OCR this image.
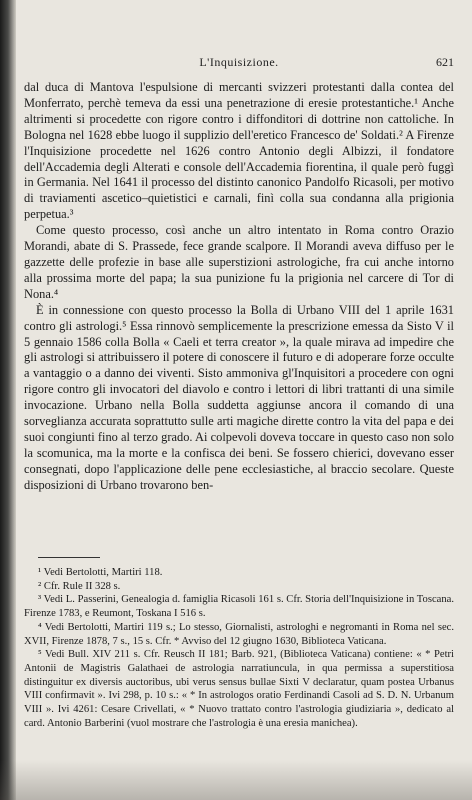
L'Inquisizione.	621

dal duca di Mantova l'espulsione di mercanti svizzeri protestanti dalla contea del Monferrato, perchè temeva da essi una penetrazione di eresie protestantiche.¹ Anche altrimenti si procedette con rigore contro i diffonditori di dottrine non cattoliche. In Bologna nel 1628 ebbe luogo il supplizio dell'eretico Francesco de' Soldati.² A Firenze l'Inquisizione procedette nel 1626 contro Antonio degli Albizzi, il fondatore dell'Accademia degli Alterati e console dell'Accademia fiorentina, il quale però fuggì in Germania. Nel 1641 il processo del distinto canonico Pandolfo Ricasoli, per motivo di traviamenti ascetico–quietistici e carnali, finì colla sua condanna alla prigionia perpetua.³

Come questo processo, così anche un altro intentato in Roma contro Orazio Morandi, abate di S. Prassede, fece grande scalpore. Il Morandi aveva diffuso per le gazzette delle profezie in base alle superstizioni astrologiche, fra cui anche intorno alla prossima morte del papa; la sua punizione fu la prigionia nel carcere di Tor di Nona.⁴

È in connessione con questo processo la Bolla di Urbano VIII del 1 aprile 1631 contro gli astrologi.⁵ Essa rinnovò semplicemente la prescrizione emessa da Sisto V il 5 gennaio 1586 colla Bolla « Caeli et terra creator », la quale mirava ad impedire che gli astrologi si attribuissero il potere di conoscere il futuro e di adoperare forze occulte a vantaggio o a danno dei viventi. Sisto ammoniva gl'Inquisitori a procedere con ogni rigore contro gli invocatori del diavolo e contro i lettori di libri trattanti di una simile invocazione. Urbano nella Bolla suddetta aggiunse ancora il comando di una sorveglianza accurata soprattutto sulle arti magiche dirette contro la vita del papa e dei suoi congiunti fino al terzo grado. Ai colpevoli doveva toccare in questo caso non solo la scomunica, ma la morte e la confisca dei beni. Se fossero chierici, dovevano esser consegnati, dopo l'applicazione delle pene ecclesiastiche, al braccio secolare. Queste disposizioni di Urbano trovarono ben-

¹ Vedi Bertolotti, Martiri 118.

² Cfr. Rule II 328 s.

³ Vedi L. Passerini, Genealogia d. famiglia Ricasoli 161 s. Cfr. Storia dell'Inquisizione in Toscana. Firenze 1783, e Reumont, Toskana I 516 s.

⁴ Vedi Bertolotti, Martiri 119 s.; Lo stesso, Giornalisti, astrologhi e negromanti in Roma nel sec. XVII, Firenze 1878, 7 s., 15 s. Cfr. * Avviso del 12 giugno 1630, Biblioteca Vaticana.

⁵ Vedi Bull. XIV 211 s. Cfr. Reusch II 181; Barb. 921, (Biblioteca Vaticana) contiene: « * Petri Antonii de Magistris Galathaei de astrologia narratiuncula, in qua permissa a superstitiosa distinguitur ex diversis auctoribus, ubi verus sensus bullae Sixti V declaratur, quam postea Urbanus VIII confirmavit ». Ivi 298, p. 10 s.: « * In astrologos oratio Ferdinandi Casoli ad S. D. N. Urbanum VIII ». Ivi 4261: Cesare Crivellati, « * Nuovo trattato contro l'astrologia giudiziaria », dedicato al card. Antonio Barberini (vuol mostrare che l'astrologia è una eresia manichea).
